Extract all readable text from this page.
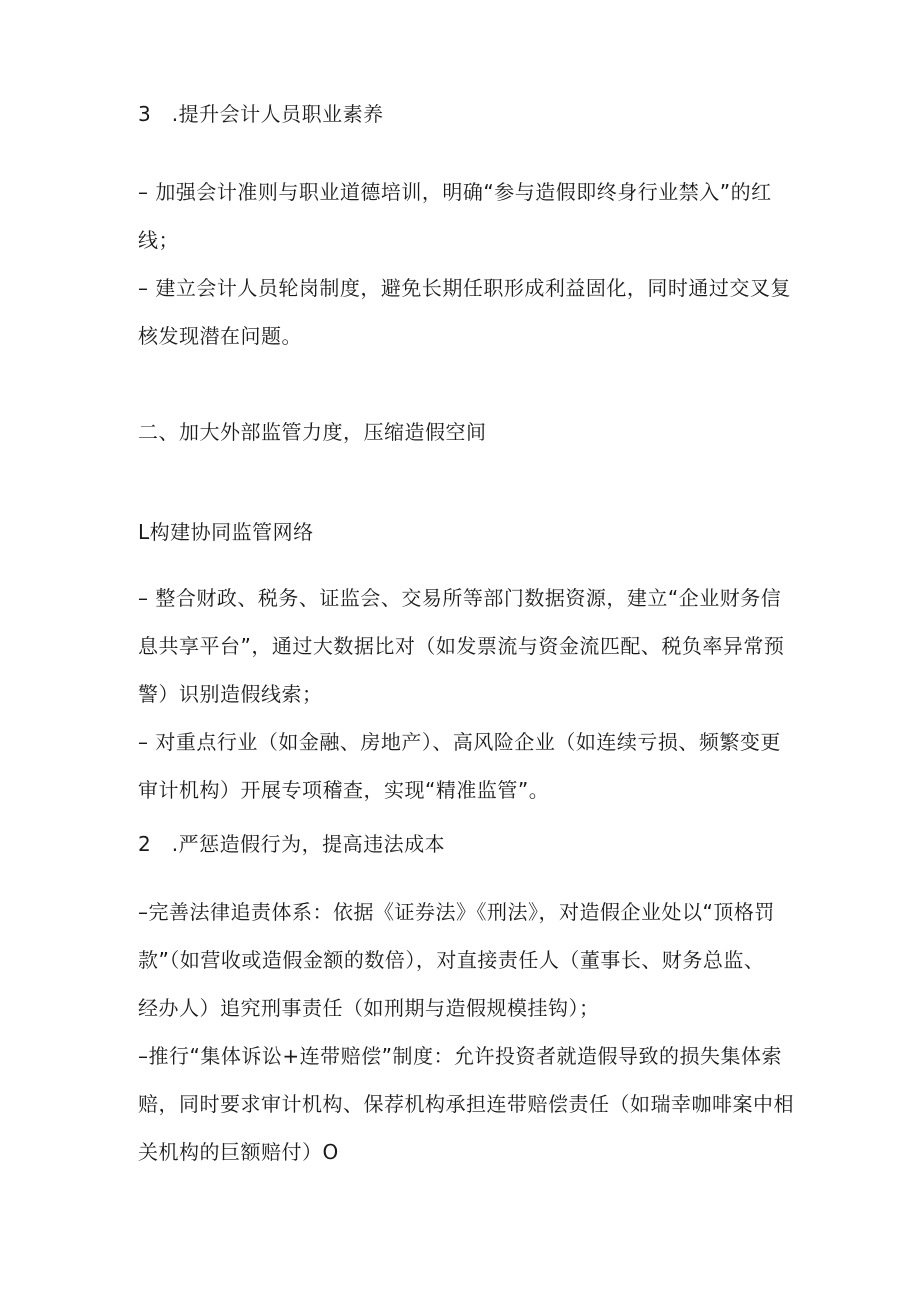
3　.提升会计人员职业素养
– 加强会计准则与职业道德培训，明确“参与造假即终身行业禁入”的红
线；
– 建立会计人员轮岗制度，避免长期任职形成利益固化，同时通过交叉复
核发现潜在问题。
二、加大外部监管力度，压缩造假空间
L构建协同监管网络
– 整合财政、税务、证监会、交易所等部门数据资源，建立“企业财务信
息共享平台”，通过大数据比对（如发票流与资金流匹配、税负率异常预
警）识别造假线索；
– 对重点行业（如金融、房地产）、高风险企业（如连续亏损、频繁变更
审计机构）开展专项稽查，实现“精准监管”。
2　.严惩造假行为，提高违法成本
–完善法律追责体系：依据《证券法》《刑法》，对造假企业处以“顶格罚
款”（如营收或造假金额的数倍），对直接责任人（董事长、财务总监、
经办人）追究刑事责任（如刑期与造假规模挂钩）；
–推行“集体诉讼+连带赔偿”制度：允许投资者就造假导致的损失集体索
赔，同时要求审计机构、保荐机构承担连带赔偿责任（如瑞幸咖啡案中相
关机构的巨额赔付）O
